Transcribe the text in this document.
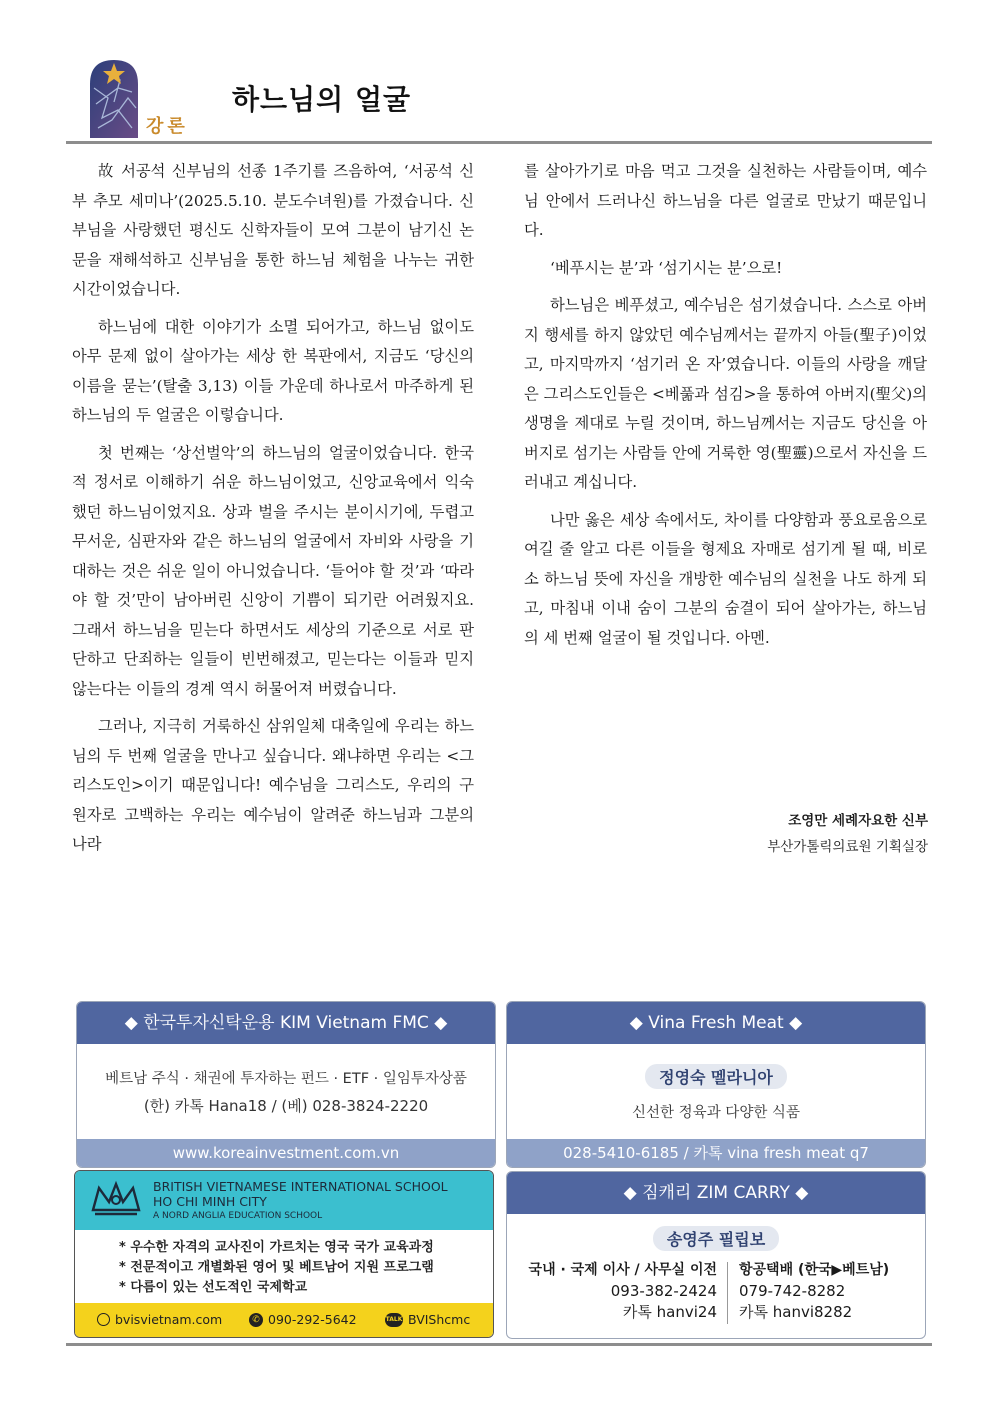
강론
하느님의 얼굴

故 서공석 신부님의 선종 1주기를 즈음하여, ‘서공석 신부 추모 세미나’(2025.5.10. 분도수녀원)를 가졌습니다. 신부님을 사랑했던 평신도 신학자들이 모여 그분이 남기신 논문을 재해석하고 신부님을 통한 하느님 체험을 나누는 귀한 시간이었습니다.

하느님에 대한 이야기가 소멸 되어가고, 하느님 없이도 아무 문제 없이 살아가는 세상 한 복판에서, 지금도 ‘당신의 이름을 묻는’(탈출 3,13) 이들 가운데 하나로서 마주하게 된 하느님의 두 얼굴은 이렇습니다.

첫 번째는 ‘상선벌악’의 하느님의 얼굴이었습니다. 한국적 정서로 이해하기 쉬운 하느님이었고, 신앙교육에서 익숙했던 하느님이었지요. 상과 벌을 주시는 분이시기에, 두렵고 무서운, 심판자와 같은 하느님의 얼굴에서 자비와 사랑을 기대하는 것은 쉬운 일이 아니었습니다. ‘들어야 할 것’과 ‘따라야 할 것’만이 남아버린 신앙이 기쁨이 되기란 어려웠지요. 그래서 하느님을 믿는다 하면서도 세상의 기준으로 서로 판단하고 단죄하는 일들이 빈번해졌고, 믿는다는 이들과 믿지 않는다는 이들의 경계 역시 허물어져 버렸습니다.

그러나, 지극히 거룩하신 삼위일체 대축일에 우리는 하느님의 두 번째 얼굴을 만나고 싶습니다. 왜냐하면 우리는 <그리스도인>이기 때문입니다! 예수님을 그리스도, 우리의 구원자로 고백하는 우리는 예수님이 알려준 하느님과 그분의 나라

를 살아가기로 마음 먹고 그것을 실천하는 사람들이며, 예수님 안에서 드러나신 하느님을 다른 얼굴로 만났기 때문입니다.

‘베푸시는 분’과 ‘섬기시는 분’으로!

하느님은 베푸셨고, 예수님은 섬기셨습니다. 스스로 아버지 행세를 하지 않았던 예수님께서는 끝까지 아들(聖子)이었고, 마지막까지 ‘섬기러 온 자’였습니다. 이들의 사랑을 깨달은 그리스도인들은 <베풂과 섬김>을 통하여 아버지(聖父)의 생명을 제대로 누릴 것이며, 하느님께서는 지금도 당신을 아버지로 섬기는 사람들 안에 거룩한 영(聖靈)으로서 자신을 드러내고 계십니다.

나만 옳은 세상 속에서도, 차이를 다양함과 풍요로움으로 여길 줄 알고 다른 이들을 형제요 자매로 섬기게 될 때, 비로소 하느님 뜻에 자신을 개방한 예수님의 실천을 나도 하게 되고, 마침내 이내 숨이 그분의 숨결이 되어 살아가는, 하느님의 세 번째 얼굴이 될 것입니다. 아멘.

조영만 세례자요한 신부
부산가톨릭의료원 기획실장
◆ 한국투자신탁운용 KIM Vietnam FMC ◆
베트남 주식 · 채권에 투자하는 펀드 · ETF · 일임투자상품
(한) 카톡 Hana18 / (베) 028-3824-2220
www.koreainvestment.com.vn
◆ Vina Fresh Meat ◆
정영숙 멜라니아
신선한 정육과 다양한 식품
028-5410-6185 / 카톡 vina fresh meat q7
BRITISH VIETNAMESE INTERNATIONAL SCHOOL
HO CHI MINH CITY
A NORD ANGLIA EDUCATION SCHOOL
* 우수한 자격의 교사진이 가르치는 영국 국가 교육과정
* 전문적이고 개별화된 영어 및 베트남어 지원 프로그램
* 다름이 있는 선도적인 국제학교
bvisvietnam.com	✆ 090-292-5642	TALK BVIShcmc
◆ 짐캐리 ZIM CARRY ◆
송영주 필립보
국내 · 국제 이사 / 사무실 이전
093-382-2424
카톡 hanvi24
항공택배 (한국▶베트남)
079-742-8282
카톡 hanvi8282
